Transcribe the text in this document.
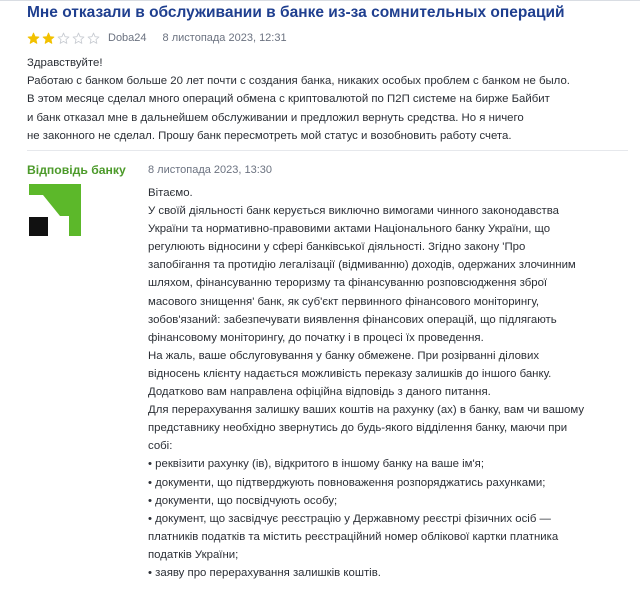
Мне отказали в обслуживании в банке из-за сомнительных операций
Doba24 8 листопада 2023, 12:31

Здравствуйте!

Работаю с банком больше 20 лет почти с создания банка, никаких особых проблем с банком не было.

В этом месяце сделал много операций обмена с криптовалютой по П2П системе на бирже Байбит

и банк отказал мне в дальнейшем обслуживании и предложил вернуть средства. Но я ничего

не законного не сделал. Прошу банк пересмотреть мой статус и возобновить работу счета.

Відповідь банку 8 листопада 2023, 13:30

Вітаємо.

У своїй діяльності банк керується виключно вимогами чинного законодавства

України та нормативно-правовими актами Національного банку України, що

регулюють відносини у сфері банківської діяльності. Згідно закону 'Про

запобігання та протидію легалізації (відмиванню) доходів, одержаних злочинним

шляхом, фінансуванню тероризму та фінансуванню розповсюдження зброї

масового знищення' банк, як суб'єкт первинного фінансового моніторингу,

зобов'язаний: забезпечувати виявлення фінансових операцій, що підлягають

фінансовому моніторингу, до початку і в процесі їх проведення.

На жаль, ваше обслуговування у банку обмежене. При розірванні ділових

відносень клієнту надається можливість переказу залишків до іншого банку.

Додатково вам направлена офіційна відповідь з даного питання.

Для перерахування залишку ваших коштів на рахунку (ах) в банку, вам чи вашому

представнику необхідно звернутись до будь-якого відділення банку, маючи при

собі:

• реквізити рахунку (ів), відкритого в іншому банку на ваше ім'я;

• документи, що підтверджують повноваження розпоряджатись рахунками;

• документи, що посвідчують особу;

• документ, що засвідчує реєстрацію у Державному реєстрі фізичних осіб —

платників податків та містить реєстраційний номер облікової картки платника

податків України;

• заяву про перерахування залишків коштів.
